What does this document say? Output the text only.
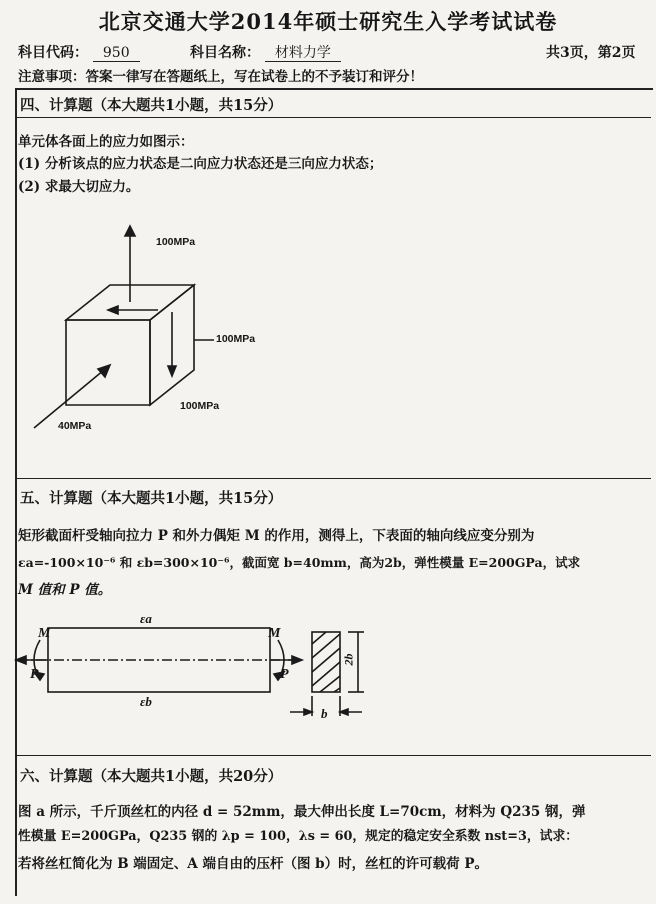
北京交通大学2014年硕士研究生入学考试试卷
科目代码： 950	科目名称： 材料力学	共3页，第2页
注意事项：答案一律写在答题纸上，写在试卷上的不予装订和评分！
四、计算题（本大题共1小题，共15分）
单元体各面上的应力如图示：
(1) 分析该点的应力状态是二向应力状态还是三向应力状态；
(2) 求最大切应力。
100MPa
100MPa
100MPa
40MPa
五、计算题（本大题共1小题，共15分）
矩形截面杆受轴向拉力 P 和外力偶矩 M 的作用，测得上，下表面的轴向线应变分别为
εa=-100×10⁻⁶ 和 εb=300×10⁻⁶，截面宽 b=40mm，高为2b，弹性模量 E=200GPa，试求
M 值和 P 值。
M	M
P	P
εa
εb
2b
b
六、计算题（本大题共1小题，共20分）
图 a 所示，千斤顶丝杠的内径 d = 52mm，最大伸出长度 L=70cm，材料为 Q235 钢，弹
性模量 E=200GPa，Q235 钢的 λp = 100，λs = 60，规定的稳定安全系数 nst=3，试求：
若将丝杠简化为 B 端固定、A 端自由的压杆（图 b）时，丝杠的许可载荷 P。
